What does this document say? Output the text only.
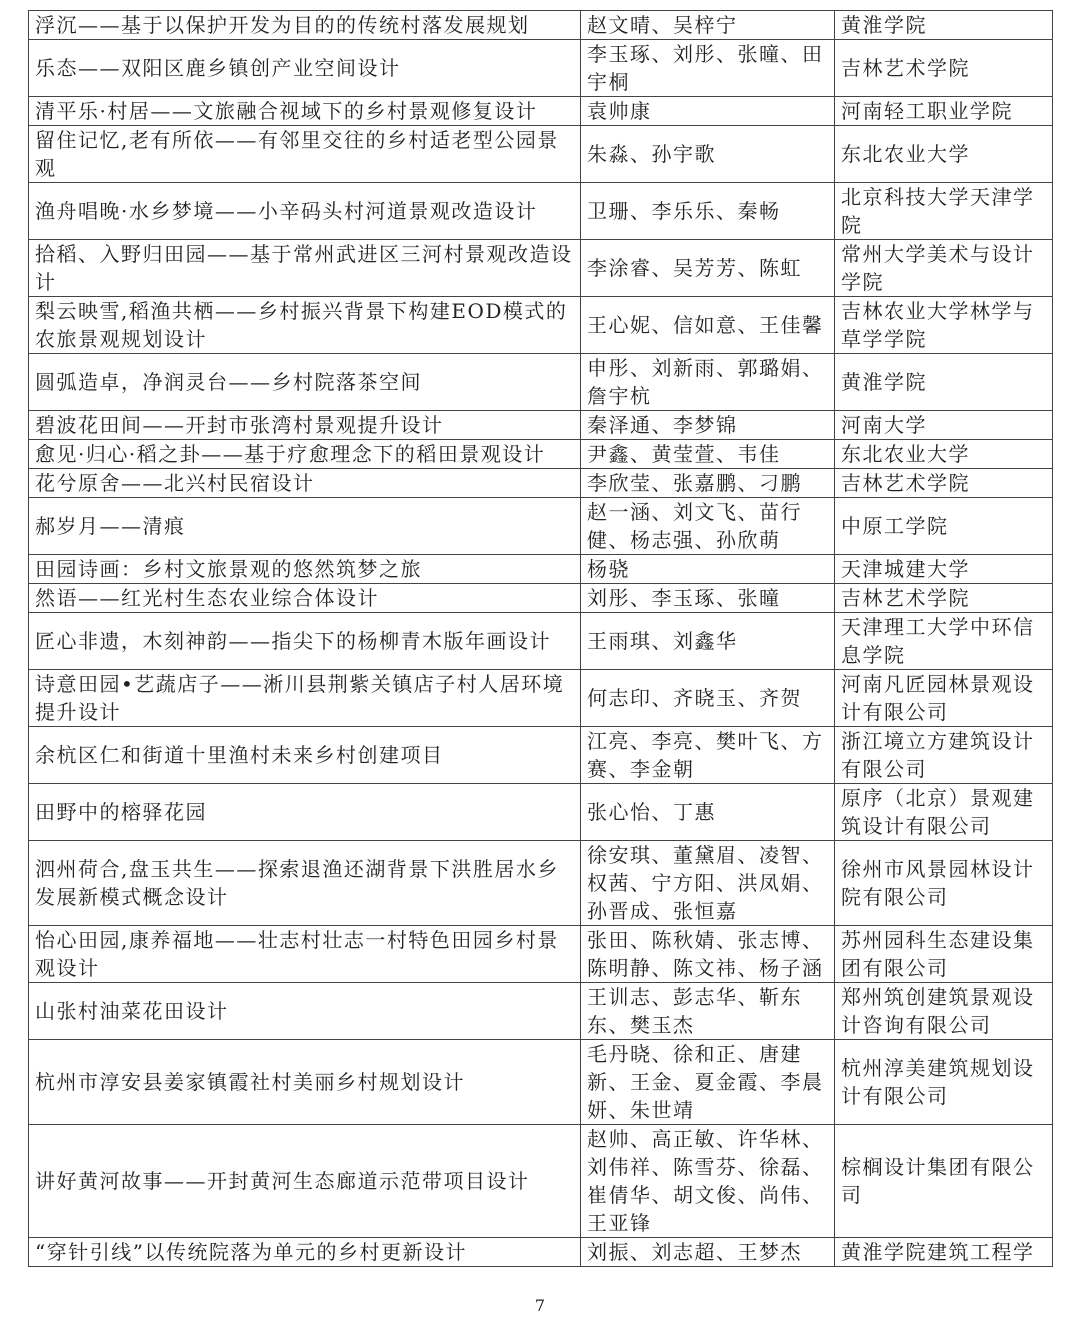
浮沉——基于以保护开发为目的的传统村落发展规划	赵文晴、吴梓宁	黄淮学院
乐态——双阳区鹿乡镇创产业空间设计	李玉琢、刘彤、张曈、田宇桐	吉林艺术学院
清平乐·村居——文旅融合视域下的乡村景观修复设计	袁帅康	河南轻工职业学院
留住记忆,老有所依——有邻里交往的乡村适老型公园景观	朱淼、孙宇歌	东北农业大学
渔舟唱晚·水乡梦境——小辛码头村河道景观改造设计	卫珊、李乐乐、秦畅	北京科技大学天津学院
拾稻、入野归田园——基于常州武进区三河村景观改造设计	李涂睿、吴芳芳、陈虹	常州大学美术与设计学院
梨云映雪,稻渔共栖——乡村振兴背景下构建EOD模式的农旅景观规划设计	王心妮、信如意、王佳馨	吉林农业大学林学与草学学院
圆弧造卓，净润灵台——乡村院落茶空间	申彤、刘新雨、郭璐娟、詹宇杭	黄淮学院
碧波花田间——开封市张湾村景观提升设计	秦泽通、李梦锦	河南大学
愈见·归心·稻之卦——基于疗愈理念下的稻田景观设计	尹鑫、黄莹萱、韦佳	东北农业大学
花兮原舍——北兴村民宿设计	李欣莹、张嘉鹏、刁鹏	吉林艺术学院
郝岁月——清痕	赵一涵、刘文飞、苗行健、杨志强、孙欣萌	中原工学院
田园诗画：乡村文旅景观的悠然筑梦之旅	杨骁	天津城建大学
然语——红光村生态农业综合体设计	刘彤、李玉琢、张曈	吉林艺术学院
匠心非遗，木刻神韵——指尖下的杨柳青木版年画设计	王雨琪、刘鑫华	天津理工大学中环信息学院
诗意田园•艺蔬店子——淅川县荆紫关镇店子村人居环境提升设计	何志印、齐晓玉、齐贺	河南凡匠园林景观设计有限公司
余杭区仁和街道十里渔村未来乡村创建项目	江亮、李亮、樊叶飞、方赛、李金朝	浙江境立方建筑设计有限公司
田野中的榕驿花园	张心怡、丁惠	原序（北京）景观建筑设计有限公司
泗州荷合,盘玉共生——探索退渔还湖背景下洪胜居水乡发展新模式概念设计	徐安琪、董黛眉、凌智、权茜、宁方阳、洪凤娟、孙晋成、张恒嘉	徐州市风景园林设计院有限公司
怡心田园,康养福地——壮志村壮志一村特色田园乡村景观设计	张田、陈秋婧、张志博、陈明静、陈文祎、杨子涵	苏州园科生态建设集团有限公司
山张村油菜花田设计	王训志、彭志华、靳东东、樊玉杰	郑州筑创建筑景观设计咨询有限公司
杭州市淳安县姜家镇霞社村美丽乡村规划设计	毛丹晓、徐和正、唐建新、王金、夏金霞、李晨妍、朱世靖	杭州淳美建筑规划设计有限公司
讲好黄河故事——开封黄河生态廊道示范带项目设计	赵帅、高正敏、许华林、刘伟祥、陈雪芬、徐磊、崔倩华、胡文俊、尚伟、王亚锋	棕榈设计集团有限公司
“穿针引线”以传统院落为单元的乡村更新设计	刘振、刘志超、王梦杰	黄淮学院建筑工程学
7
